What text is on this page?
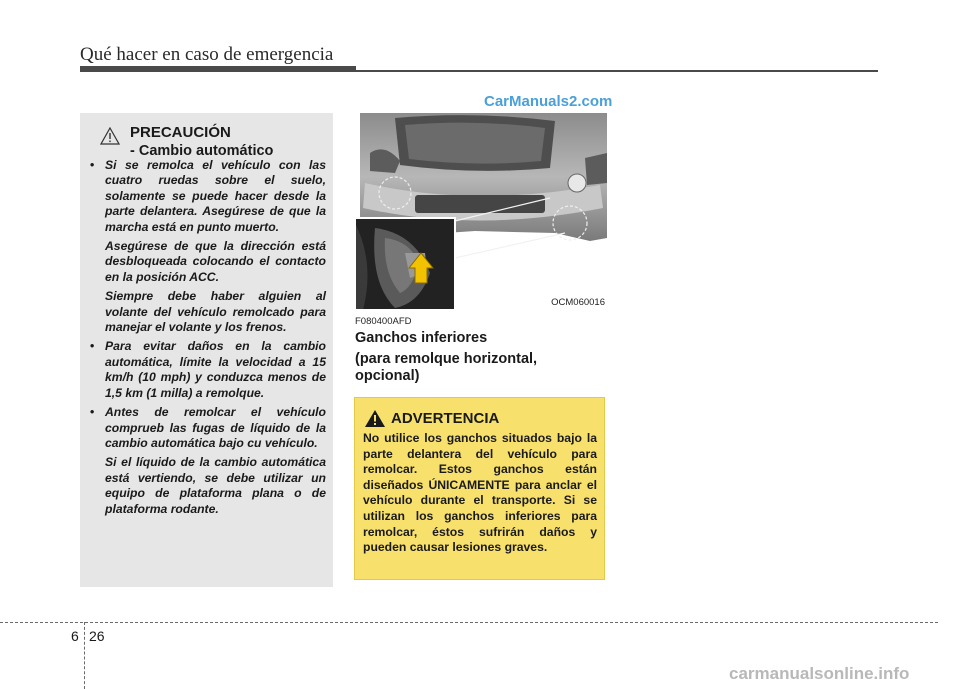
Qué hacer en caso de emergencia
CarManuals2.com
PRECAUCIÓN
- Cambio automático
• Si se remolca el vehículo con las cuatro ruedas sobre el suelo, solamente se puede hacer desde la parte delantera. Asegúrese de que la marcha está en punto muerto.

Asegúrese de que la dirección está desbloqueada colocando el contacto en la posición ACC.

Siempre debe haber alguien al volante del vehículo remolcado para manejar el volante y los frenos.

• Para evitar daños en la cambio automática, límite la velocidad a 15 km/h (10 mph) y conduzca menos de 1,5 km (1 milla) a remolque.

• Antes de remolcar el vehículo comprueb las fugas de líquido de la cambio automática bajo cu vehículo.

Si el líquido de la cambio automática está vertiendo, se debe utilizar un equipo de plataforma plana o de plataforma rodante.

OCM060016
F080400AFD
Ganchos inferiores
(para remolque horizontal, opcional)
ADVERTENCIA

No utilice los ganchos situados bajo la parte delantera del vehículo para remolcar. Estos ganchos están diseñados ÚNICAMENTE para anclar el vehículo durante el transporte. Si se utilizan los ganchos inferiores para remolcar, éstos sufrirán daños y pueden causar lesiones graves.

6 26
carmanualsonline.info
